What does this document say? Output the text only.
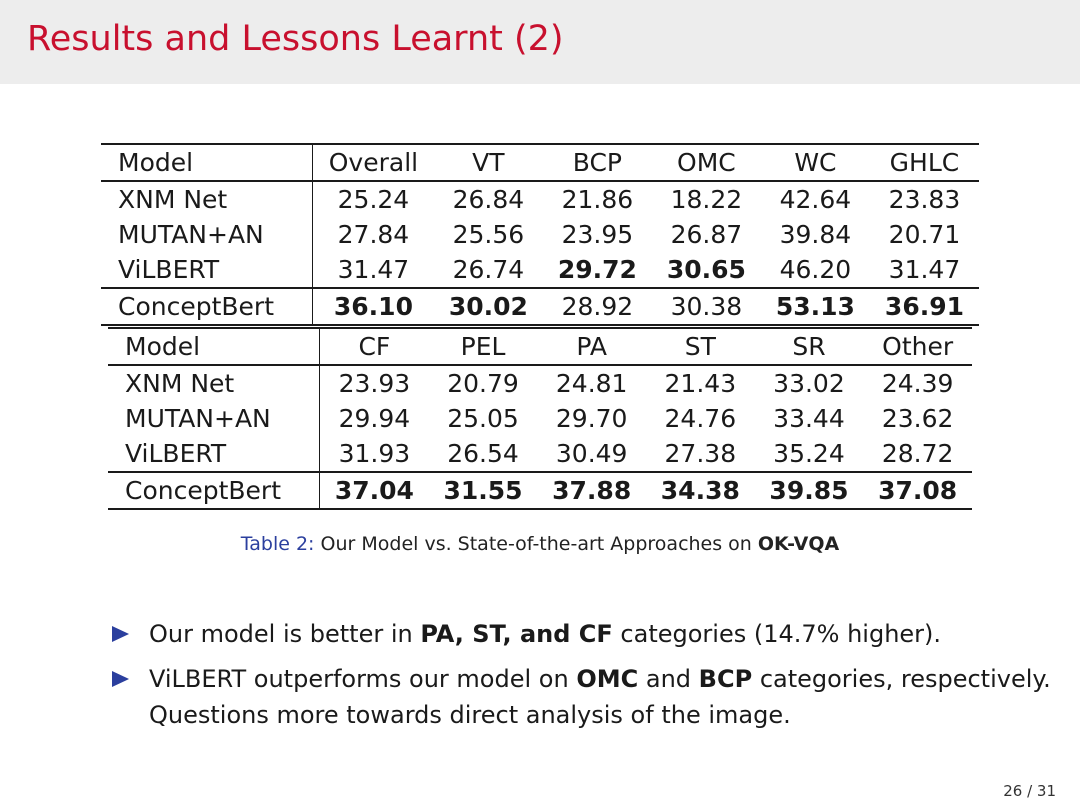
Results and Lessons Learnt (2)
Model	Overall	VT	BCP	OMC	WC	GHLC
XNM Net	25.24	26.84	21.86	18.22	42.64	23.83
MUTAN+AN	27.84	25.56	23.95	26.87	39.84	20.71
ViLBERT	31.47	26.74	29.72	30.65	46.20	31.47
ConceptBert	36.10	30.02	28.92	30.38	53.13	36.91
Model	CF	PEL	PA	ST	SR	Other
XNM Net	23.93	20.79	24.81	21.43	33.02	24.39
MUTAN+AN	29.94	25.05	29.70	24.76	33.44	23.62
ViLBERT	31.93	26.54	30.49	27.38	35.24	28.72
ConceptBert	37.04	31.55	37.88	34.38	39.85	37.08
Table 2: Our Model vs. State-of-the-art Approaches on OK-VQA
Our model is better in PA, ST, and CF categories (14.7% higher).
ViLBERT outperforms our model on OMC and BCP categories, respectively. Questions more towards direct analysis of the image.
26 / 31
